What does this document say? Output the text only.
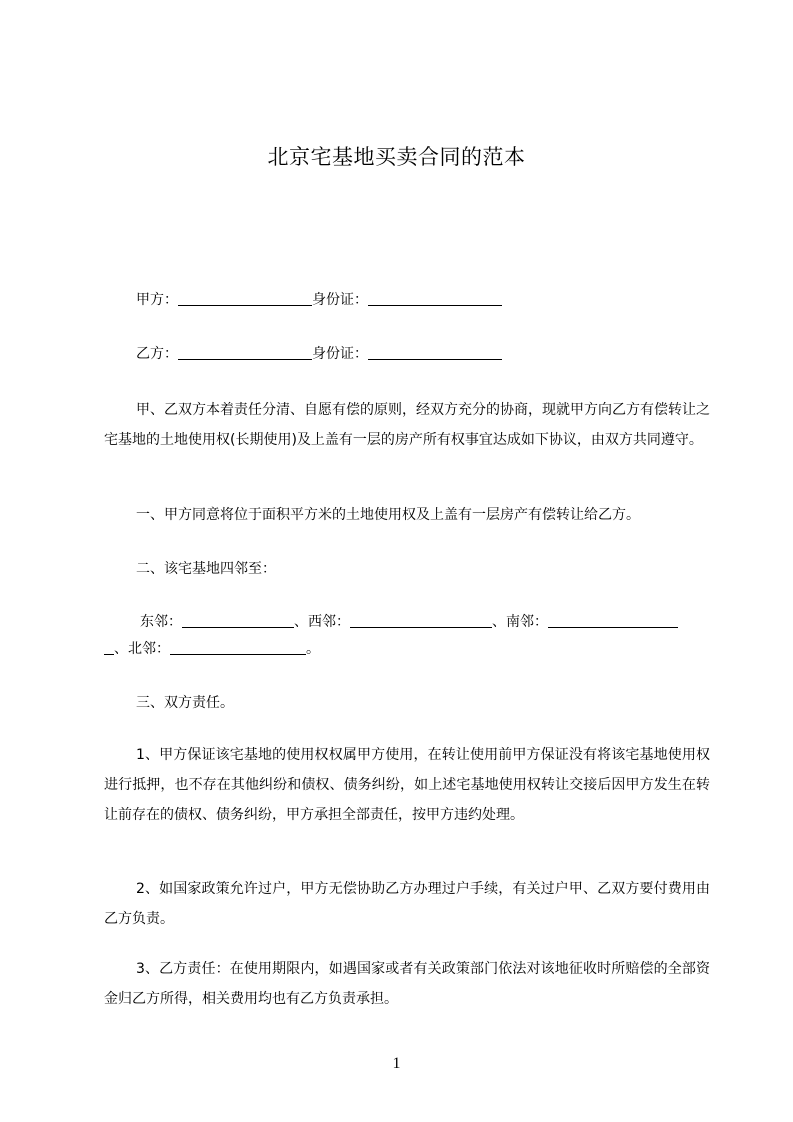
北京宅基地买卖合同的范本
甲方：	身份证：
乙方：	身份证：
甲、乙双方本着责任分清、自愿有偿的原则，经双方充分的协商，现就甲方向乙方有偿转让之宅基地的土地使用权(长期使用)及上盖有一层的房产所有权事宜达成如下协议，由双方共同遵守。
一、甲方同意将位于面积平方米的土地使用权及上盖有一层房产有偿转让给乙方。
二、该宅基地四邻至：
东邻：	、西邻：	、南邻：
、北邻：	。
三、双方责任。
1、甲方保证该宅基地的使用权权属甲方使用，在转让使用前甲方保证没有将该宅基地使用权进行抵押，也不存在其他纠纷和债权、债务纠纷，如上述宅基地使用权转让交接后因甲方发生在转让前存在的债权、债务纠纷，甲方承担全部责任，按甲方违约处理。
2、如国家政策允许过户，甲方无偿协助乙方办理过户手续，有关过户甲、乙双方要付费用由乙方负责。
3、乙方责任：在使用期限内，如遇国家或者有关政策部门依法对该地征收时所赔偿的全部资金归乙方所得，相关费用均也有乙方负责承担。
1
